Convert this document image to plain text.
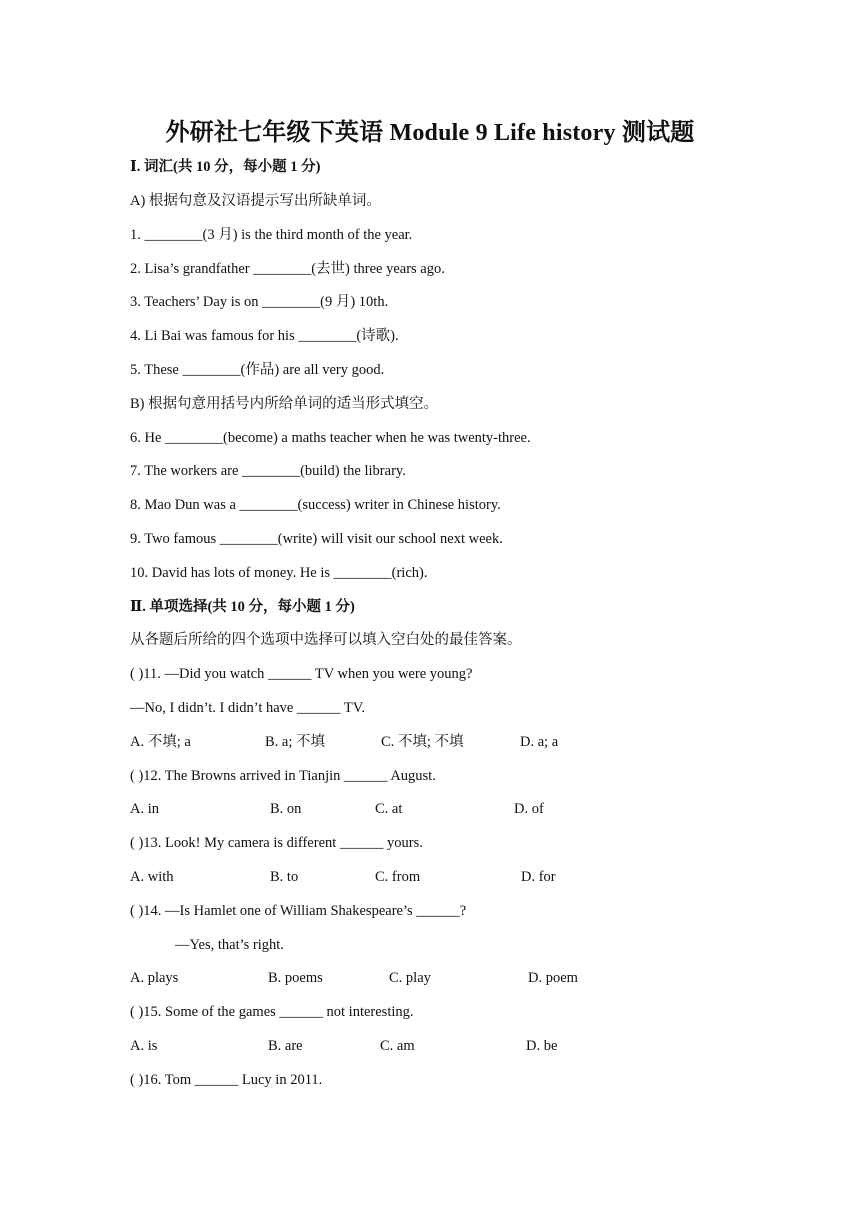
外研社七年级下英语 Module 9 Life history 测试题
Ⅰ. 词汇(共 10 分，每小题 1 分)
A) 根据句意及汉语提示写出所缺单词。
1. ________(3 月) is the third month of the year.
2. Lisa’s grandfather ________(去世) three years ago.
3. Teachers’ Day is on ________(9 月) 10th.
4. Li Bai was famous for his ________(诗歌).
5. These ________(作品) are all very good.
B) 根据句意用括号内所给单词的适当形式填空。
6. He ________(become) a maths teacher when he was twenty‑three.
7. The workers are ________(build) the library.
8. Mao Dun was a ________(success) writer in Chinese history.
9. Two famous ________(write) will visit our school next week.
10. David has lots of money. He is ________(rich).
Ⅱ. 单项选择(共 10 分，每小题 1 分)
从各题后所给的四个选项中选择可以填入空白处的最佳答案。
( )11. —Did you watch ______ TV when you were young?
—No, I didn’t. I didn’t have ______ TV.
A. 不填; a	B. a; 不填	C. 不填; 不填	D. a; a
( )12. The Browns arrived in Tianjin ______ August.
A. in	B. on	C. at	D. of
( )13. Look! My camera is different ______ yours.
A. with	B. to	C. from	D. for
( )14. —Is Hamlet one of William Shakespeare’s ______?
—Yes, that’s right.
A. plays	B. poems	C. play	D. poem
( )15. Some of the games ______ not interesting.
A. is	B. are	C. am	D. be
( )16. Tom ______ Lucy in 2011.
